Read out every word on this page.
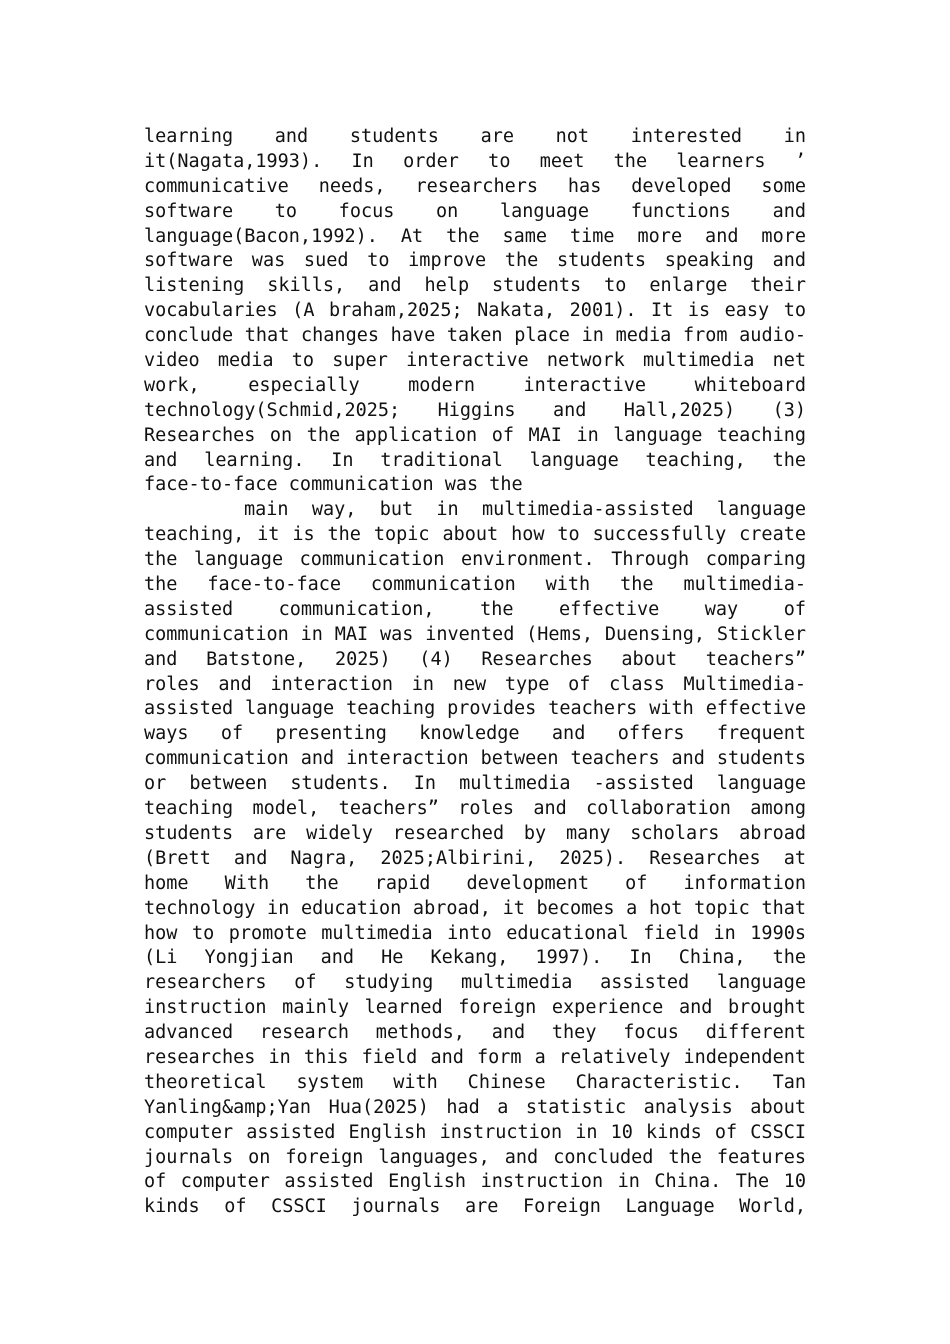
learning and students are not interested in
it(Nagata,1993). In order to meet the learners ’
communicative needs, researchers has developed some
software to focus on language functions and
language(Bacon,1992). At the same time more and more
software was sued to improve the students speaking and
listening skills, and help students to enlarge their
vocabularies (A braham,2025; Nakata, 2001). It is easy to
conclude that changes have taken place in media from audio-
video media to super interactive network multimedia net
work, especially modern interactive whiteboard
technology(Schmid,2025; Higgins and Hall,2025) (3)
Researches on the application of MAI in language teaching
and learning. In traditional language teaching, the
face-to-face communication was the
main way, but in multimedia-assisted language
teaching, it is the topic about how to successfully create
the language communication environment. Through comparing
the face-to-face communication with the multimedia-
assisted communication, the effective way of
communication in MAI was invented (Hems, Duensing, Stickler
and Batstone, 2025) (4) Researches about teachers”
roles and interaction in new type of class Multimedia-
assisted language teaching provides teachers with effective
ways of presenting knowledge and offers frequent
communication and interaction between teachers and students
or between students. In multimedia -assisted language
teaching model, teachers” roles and collaboration among
students are widely researched by many scholars abroad
(Brett and Nagra, 2025;Albirini, 2025). Researches at
home With the rapid development of information
technology in education abroad, it becomes a hot topic that
how to promote multimedia into educational field in 1990s
(Li Yongjian and He Kekang, 1997). In China, the
researchers of studying multimedia assisted language
instruction mainly learned foreign experience and brought
advanced research methods, and they focus different
researches in this field and form a relatively independent
theoretical system with Chinese Characteristic. Tan
Yanling&amp;Yan Hua(2025) had a statistic analysis about
computer assisted English instruction in 10 kinds of CSSCI
journals on foreign languages, and concluded the features
of computer assisted English instruction in China. The 10
kinds of CSSCI journals are Foreign Language World,
